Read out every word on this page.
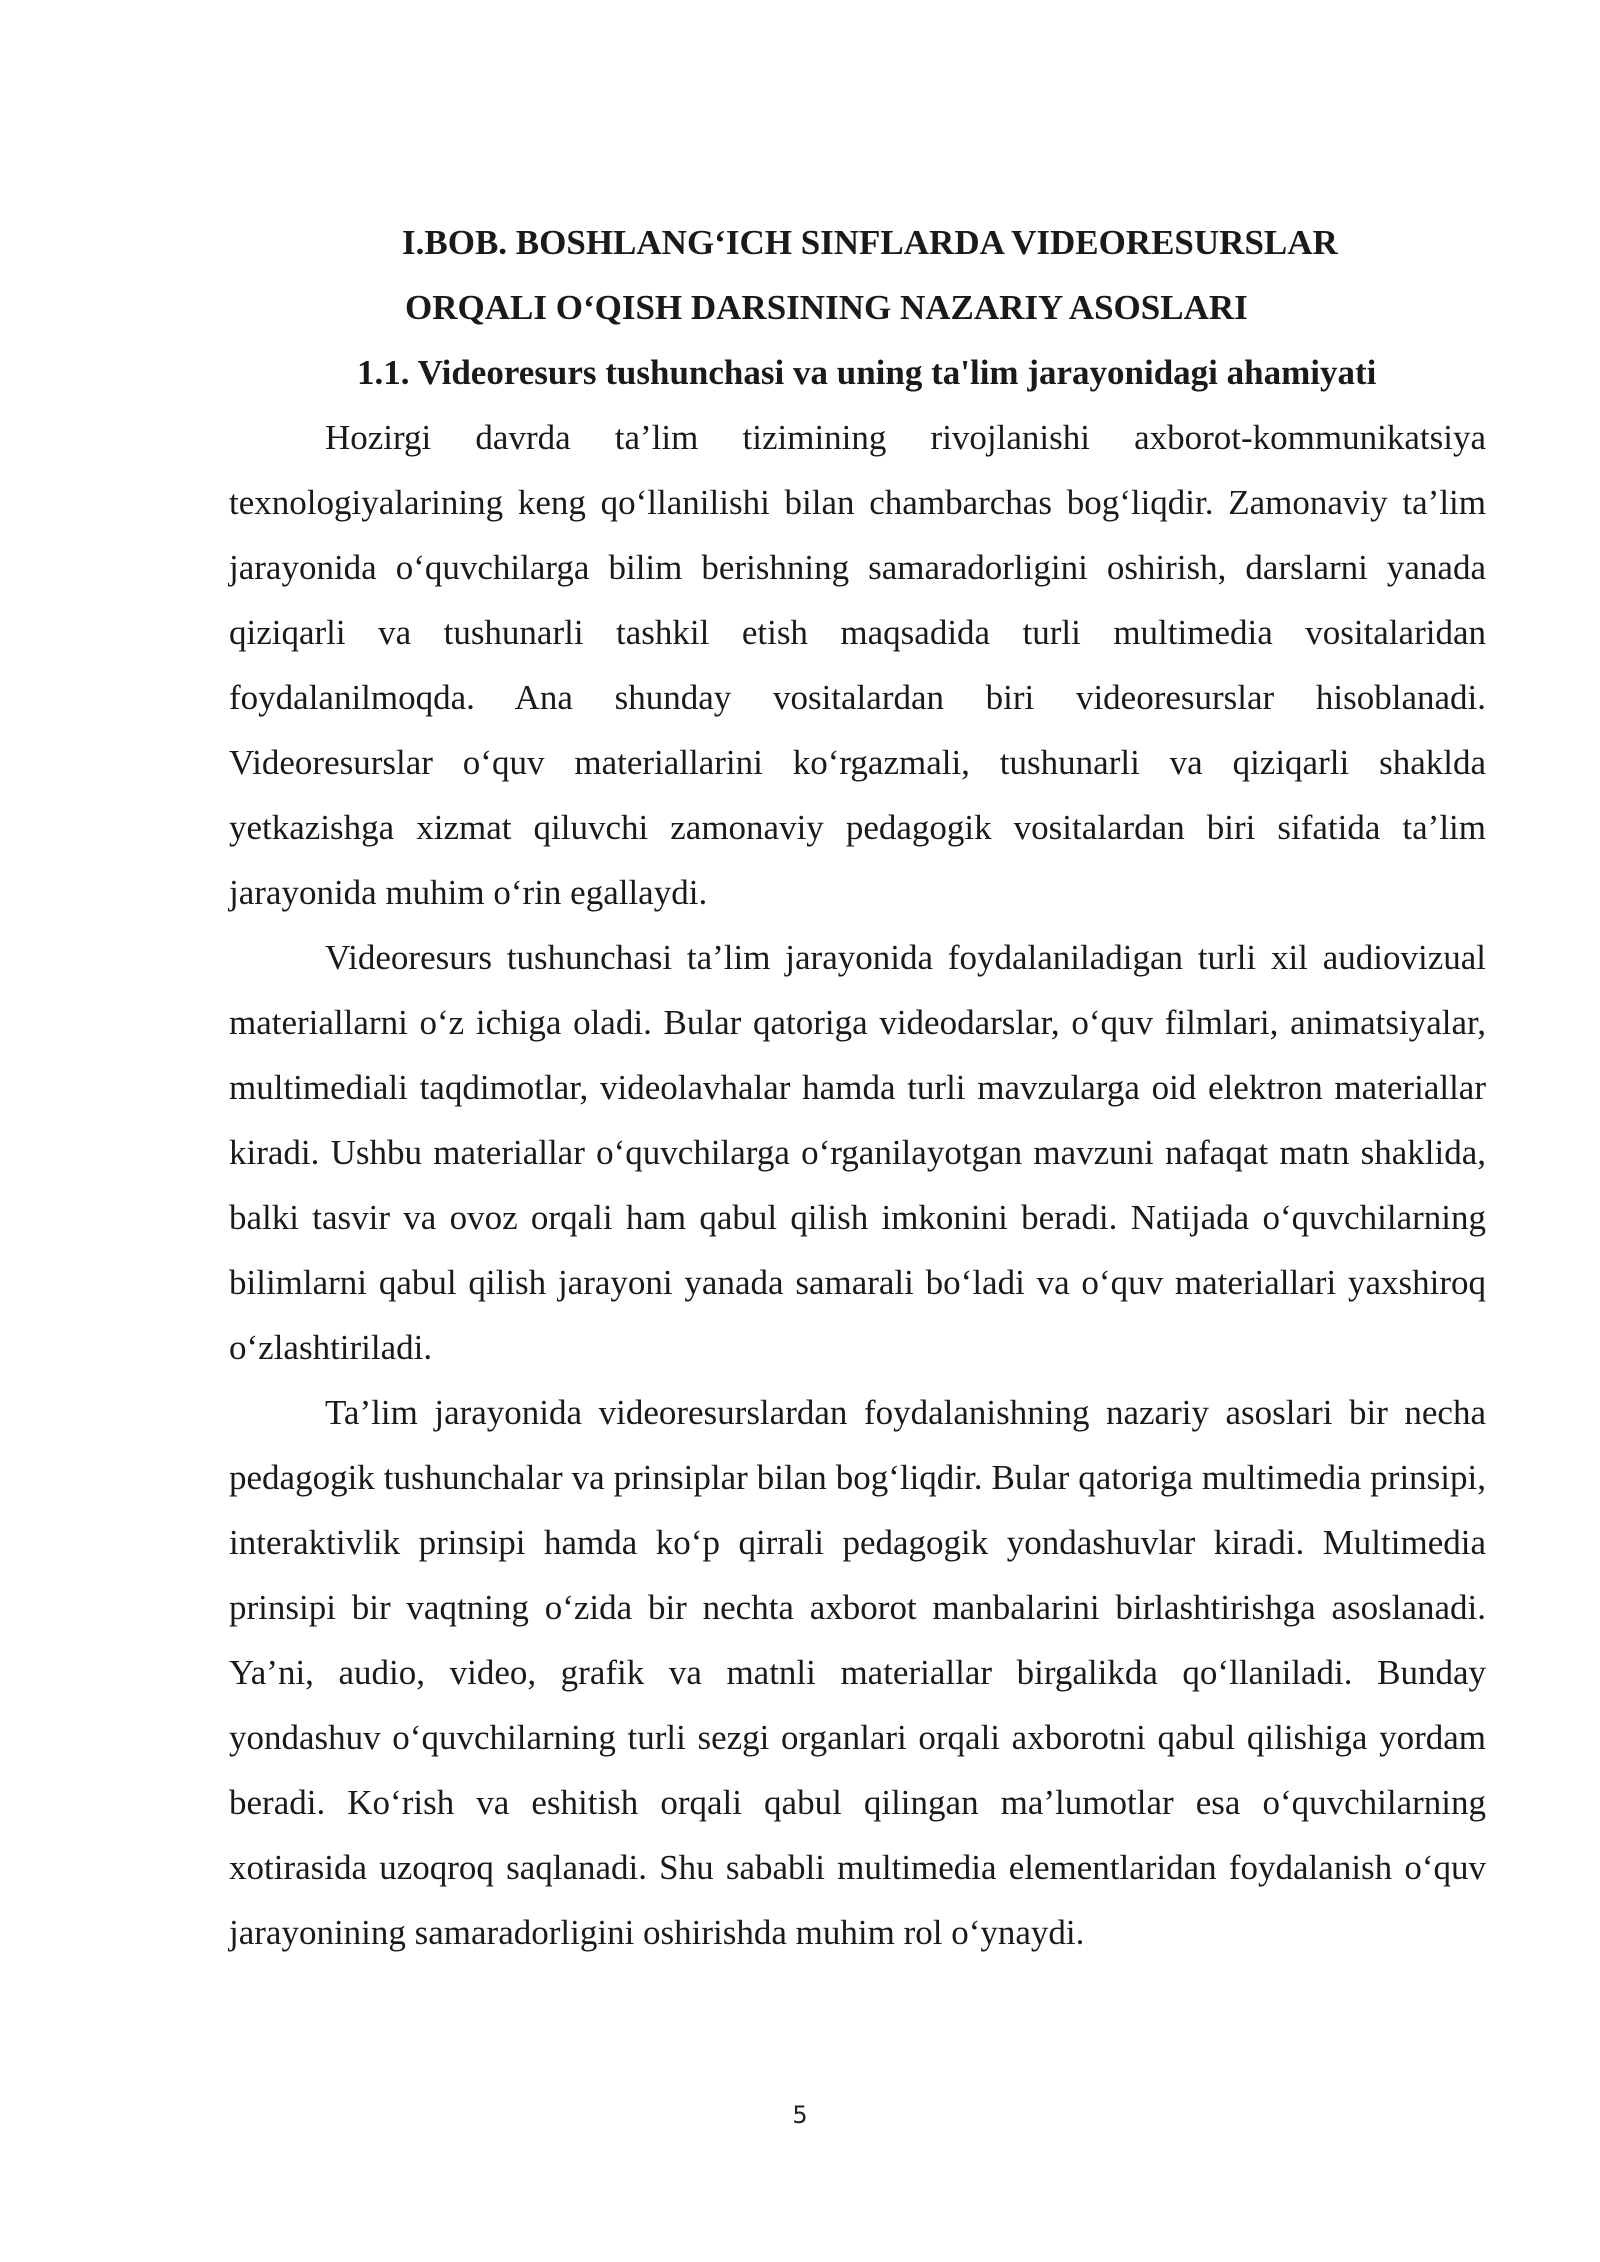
I.BOB. BOSHLANG‘ICH SINFLARDA VIDEORESURSLAR
ORQALI O‘QISH DARSINING NAZARIY ASOSLARI
1.1. Videoresurs tushunchasi va uning ta'lim jarayonidagi ahamiyati

Hozirgi davrda ta’lim tizimining rivojlanishi axborot-kommunikatsiya texnologiyalarining keng qo‘llanilishi bilan chambarchas bog‘liqdir. Zamonaviy ta’lim jarayonida o‘quvchilarga bilim berishning samaradorligini oshirish, darslarni yanada qiziqarli va tushunarli tashkil etish maqsadida turli multimedia vositalaridan foydalanilmoqda. Ana shunday vositalardan biri videoresurslar hisoblanadi. Videoresurslar o‘quv materiallarini ko‘rgazmali, tushunarli va qiziqarli shaklda yetkazishga xizmat qiluvchi zamonaviy pedagogik vositalardan biri sifatida ta’lim jarayonida muhim o‘rin egallaydi.

Videoresurs tushunchasi ta’lim jarayonida foydalaniladigan turli xil audiovizual materiallarni o‘z ichiga oladi. Bular qatoriga videodarslar, o‘quv filmlari, animatsiyalar, multimediali taqdimotlar, videolavhalar hamda turli mavzularga oid elektron materiallar kiradi. Ushbu materiallar o‘quvchilarga o‘rganilayotgan mavzuni nafaqat matn shaklida, balki tasvir va ovoz orqali ham qabul qilish imkonini beradi. Natijada o‘quvchilarning bilimlarni qabul qilish jarayoni yanada samarali bo‘ladi va o‘quv materiallari yaxshiroq o‘zlashtiriladi.

Ta’lim jarayonida videoresurslardan foydalanishning nazariy asoslari bir necha pedagogik tushunchalar va prinsiplar bilan bog‘liqdir. Bular qatoriga multimedia prinsipi, interaktivlik prinsipi hamda ko‘p qirrali pedagogik yondashuvlar kiradi. Multimedia prinsipi bir vaqtning o‘zida bir nechta axborot manbalarini birlashtirishga asoslanadi. Ya’ni, audio, video, grafik va matnli materiallar birgalikda qo‘llaniladi. Bunday yondashuv o‘quvchilarning turli sezgi organlari orqali axborotni qabul qilishiga yordam beradi. Ko‘rish va eshitish orqali qabul qilingan ma’lumotlar esa o‘quvchilarning xotirasida uzoqroq saqlanadi. Shu sababli multimedia elementlaridan foydalanish o‘quv jarayonining samaradorligini oshirishda muhim rol o‘ynaydi.

5
